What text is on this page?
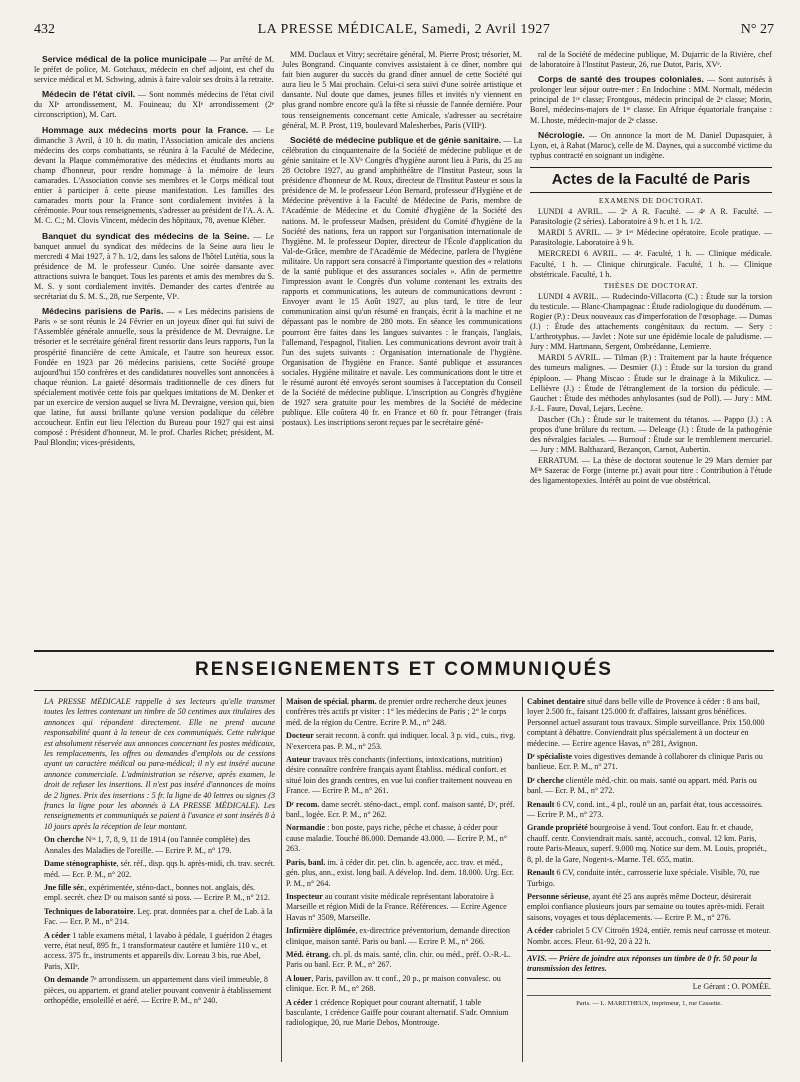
432	LA PRESSE MÉDICALE, Samedi, 2 Avril 1927	N° 27

Service médical de la police municipale — Par arrêté de M. le préfet de police, M. Gotchaux, médecin en chef adjoint, est chef du service médical et M. Schwing, admis à faire valoir ses droits à la retraite.

Médecin de l'état civil. — Sont nommés médecins de l'état civil du XIᵉ arrondissement, M. Fouineau; du XIᵉ arrondissement (2ᵉ circonscription), M. Cart.

Hommage aux médecins morts pour la France. — Le dimanche 3 Avril, à 10 h. du matin, l'Association amicale des anciens médecins des corps combattants, se réunira à la Faculté de Médecine, devant la Plaque commémorative des médecins et étudiants morts au champ d'honneur, pour rendre hommage à la mémoire de leurs camarades. L'Association convie ses membres et le Corps médical tout entier à participer à cette pieuse manifestation. Les familles des camarades morts pour la France sont cordialement invitées à la cérémonie. Pour tous renseignements, s'adresser au président de l'A. A. A. M. C. C.; M. Clovis Vincent, médecin des hôpitaux, 78, avenue Kléber.

Banquet du syndicat des médecins de la Seine. — Le banquet annuel du syndicat des médecins de la Seine aura lieu le mercredi 4 Mai 1927, à 7 h. 1/2, dans les salons de l'hôtel Lutétia, sous la présidence de M. le professeur Cunéo. Une soirée dansante avec attractions suivra le banquet. Tous les parents et amis des membres du S. M. S. y sont cordialement invités. Demander des cartes d'entrée au secrétariat du S. M. S., 28, rue Serpente, VIᵉ.

Médecins parisiens de Paris. — « Les médecins parisiens de Paris » se sont réunis le 24 Février en un joyeux dîner qui fut suivi de l'Assemblée générale annuelle, sous la présidence de M. Devraigne. Le trésorier et le secrétaire général firent ressortir dans leurs rapports, l'un la prospérité financière de cette Amicale, et l'autre son heureux essor. Fondée en 1923 par 26 médecins parisiens, cette Société groupe aujourd'hui 150 confrères et des candidatures nouvelles sont annoncées à chaque réunion. La gaieté désormais traditionnelle de ces dîners fut spécialement motivée cette fois par quelques imitations de M. Denker et par un exercice de version auquel se livra M. Devraigne, version qui, bien que latine, fut aussi brillante qu'une version podalique du célèbre accoucheur. Enfin eut lieu l'élection du Bureau pour 1927 qui est ainsi composé : Président d'honneur, M. le prof. Charles Richet; président, M. Paul Blondin; vices-présidents,

MM. Duclaux et Vitry; secrétaire général, M. Pierre Prost; trésorier, M. Jules Bongrand. Cinquante convives assistaient à ce dîner, nombre qui fait bien augurer du succès du grand dîner annuel de cette Société qui aura lieu le 5 Mai prochain. Celui-ci sera suivi d'une soirée artistique et dansante. Nul doute que dames, jeunes filles et invités n'y viennent en plus grand nombre encore qu'à la fête si réussie de l'année dernière. Pour tous renseignements concernant cette Amicale, s'adresser au secrétaire général, M. P. Prost, 119, boulevard Malesherbes, Paris (VIIIᵉ).

Société de médecine publique et de génie sanitaire. — La célébration du cinquantenaire de la Société de médecine publique et de génie sanitaire et le XVᵉ Congrès d'hygiène auront lieu à Paris, du 25 au 28 Octobre 1927, au grand amphithéâtre de l'Institut Pasteur, sous la présidence d'honneur de M. Roux, directeur de l'Institut Pasteur et sous la présidence de M. le professeur Léon Bernard, professeur d'Hygiène et de Médecine préventive à la Faculté de Médecine de Paris, membre de l'Académie de Médecine et du Comité d'hygiène de la Société des nations. M. le professeur Madsen, président du Comité d'hygiène de la Société des nations, fera un rapport sur l'organisation internationale de l'hygiène. M. le professeur Dopter, directeur de l'École d'application du Val-de-Grâce, membre de l'Académie de Médecine, parlera de l'hygiène militaire. Un rapport sera consacré à l'importante question des « relations de la santé publique et des assurances sociales ». Afin de permettre l'impression avant le Congrès d'un volume contenant les extraits des rapports et communications, les auteurs de communications devront : Envoyer avant le 15 Août 1927, au plus tard, le titre de leur communication ainsi qu'un résumé en français, écrit à la machine et ne dépassant pas le nombre de 280 mots. En séance les communications pourront être faites dans les langues suivantes : le français, l'anglais, l'allemand, l'espagnol, l'italien. Les communications devront avoir trait à l'un des sujets suivants : Organisation internationale de l'hygiène. Organisation de l'hygiène en France. Santé publique et assurances sociales. Hygiène militaire et navale. Les communications dont le titre et le résumé auront été envoyés seront soumises à l'acceptation du Conseil de la Société de médecine publique. L'inscription au Congrès d'hygiène de 1927 sera gratuite pour les membres de la Société de médecine publique. Elle coûtera 40 fr. en France et 60 fr. pour l'étranger (frais postaux). Les inscriptions seront reçues par le secrétaire géné-

ral de la Société de médecine publique, M. Dujarric de la Rivière, chef de laboratoire à l'Institut Pasteur, 26, rue Dutot, Paris, XVᵉ.

Corps de santé des troupes coloniales. — Sont autorisés à prolonger leur séjour outre-mer : En Indochine : MM. Normalt, médecin principal de 1ʳᵉ classe; Frontgous, médecin principal de 2ᵉ classe; Morin, Borel, médecins-majors de 1ʳᵉ classe. En Afrique équatoriale française : M. Lhoste, médecin-major de 2ᵉ classe.

Nécrologie. — On annonce la mort de M. Daniel Dupasquier, à Lyon, et, à Rabat (Maroc), celle de M. Daynes, qui a succombé victime du typhus contracté en soignant un indigène.

Actes de la Faculté de Paris

EXAMENS DE DOCTORAT.

LUNDI 4 AVRIL. — 2ᵉ A R. Faculté. — 4ᵉ A R. Faculté. — Parasitologie (2 séries). Laboratoire à 9 h. et 1 h. 1/2.

MARDI 5 AVRIL. — 3ᵉ 1ᵉʳ Médecine opératoire. Ecole pratique. — Parasitologie. Laboratoire à 9 h.

MERCREDI 6 AVRIL. — 4ᵉ. Faculté, 1 h. — Clinique médicale. Faculté, 1 h. — Clinique chirurgicale. Faculté, 1 h. — Clinique obstétricale. Faculté, 1 h.

THÈSES DE DOCTORAT.

LUNDI 4 AVRIL. — Rudecindo-Villacorta (C.) : Étude sur la torsion du testicule. — Blanc-Champagnac : Étude radiologique du duodénum. — Rogier (P.) : Deux nouveaux cas d'imperforation de l'œsophage. — Dumas (J.) : Étude des attachements congénitaux du rectum. — Sery : L'arthrotyphus. — Javlet : Note sur une épidémie locale de paludisme. — Jury : MM. Hartmann, Sergent, Ombrédanne, Lemierre.

MARDI 5 AVRIL. — Tilman (P.) : Traitement par la haute fréquence des tumeurs malignes. — Desmier (J.) : Étude sur la torsion du grand épiploon. — Phang Miscao : Étude sur le drainage à la Mikulicz. — Lellièvre (J.) : Étude de l'étranglement de la torsion du pédicule. — Gauchet : Étude des méthodes anhylosantes (sud de Poll). — Jury : MM. J.-L. Faure, Duval, Lejars, Lecène.

Dascher (Ch.) : Étude sur le traitement du tétanos. — Pappo (J.) : A propos d'une brûlure du rectum. — Deleage (J.) : Étude de la pathogénie des névralgies faciales. — Burnouf : Étude sur le tremblement mercuriel. — Jury : MM. Balthazard, Bezançon, Carnot, Aubertin.

ERRATUM. — La thèse de doctorat soutenue le 29 Mars dernier par Mˡˡᵉ Sazerac de Forge (interne pr.) avait pour titre : Contribution à l'étude des ligamentopexies. Intérêt au point de vue obstétrical.

RENSEIGNEMENTS ET COMMUNIQUÉS

LA PRESSE MÉDICALE rappelle à ses lecteurs qu'elle transmet toutes les lettres contenant un timbre de 50 centimes aux titulaires des annonces qui répondent directement. Elle ne prend aucune responsabilité quant à la teneur de ces communiqués. Cette rubrique est absolument réservée aux annonces concernant les postes médicaux, les remplacements, les offres ou demandes d'emplois ou de cessions ayant un caractère médical ou para-médical; il n'y est inséré aucune annonce commerciale. L'administration se réserve, après examen, le droit de refuser les insertions. Il n'est pas inséré d'annonces de moins de 2 lignes. Prix des insertions : 5 fr. la ligne de 40 lettres ou signes (3 francs la ligne pour les abonnés à LA PRESSE MÉDICALE). Les renseignements et communiqués se paient à l'avance et sont insérés 8 à 10 jours après la réception de leur montant.

On cherche Nᵒˢ 1, 7, 8, 9, 11 de 1914 (ou l'année complète) des Annales des Maladies de l'oreille. — Ecrire P. M., n° 179.

Dame sténographiste, sér. réf., disp. qqs h. après-midi, ch. trav. secrét. méd. — Ecr. P. M., n° 202.

Jne fille sér., expérimentée, sténo-dact., bonnes not. anglais, dés. empl. secrét. chez Dʳ ou maison santé si poss. — Ecrire P. M., n° 212.

Techniques de laboratoire. Leç. prat. données par a. chef de Lab. à la Fac. — Ecr. P. M., n° 214.

A céder 1 table examens métal, 1 lavabo à pédale, 1 guéridon 2 étages verre, état neuf, 895 fr., 1 transformateur cautère et lumière 110 v., et access. 375 fr., instruments et appareils div. Loreau 3 bis, rue Abel, Paris, XIIᵉ.

On demande 7ᵉ arrondissem. un appartement dans vieil immeuble, 8 pièces, ou appartem. et grand atelier pouvant convenir à établissement orthopédie, ensoleillé et aéré. — Ecrire P. M., n° 240.

Maison de spécial. pharm. de premier ordre recherche deux jeunes confrères très actifs pr visiter : 1° les médecins de Paris ; 2° le corps méd. de la région du Centre. Ecrire P. M., n° 248.

Docteur serait reconn. à confr. qui indiquer. local. 3 p. vid., cuis., rivg. N'exercera pas. P. M., n° 253.

Auteur travaux très conchants (infections, intoxications, nutrition) désire connaître confrère français ayant Établiss. médical confort. et situé loin des grands centres, en vue lui confier traitement nouveau en France. — Ecrire P. M., n° 261.

Dʳ recom. dame secrét. sténo-dact., empl. conf. maison santé, Dʳ, préf. banl., logée. Ecr. P. M., n° 262.

Normandie : bon poste, pays riche, pêche et chasse, à céder pour cause maladie. Touché 86.000. Demande 43.000. — Ecrire P. M., n° 263.

Paris, banl. im. à céder dir. pet. clin. b. agencée, acc. trav. et méd., gén. plus, ann., exist. long bail. A dévelop. Ind. dem. 18.000. Urg. Ecr. P. M., n° 264.

Inspecteur au courant visite médicale représentant laboratoire à Marseille et région Midi de la France. Références. — Ecrire Agence Havas n° 3509, Marseille.

Infirmière diplômée, ex-directrice préventorium, demande direction clinique, maison santé. Paris ou banl. — Ecrire P. M., n° 266.

Méd. étrang. ch. pl. ds mais. santé, clin. chir. ou méd., préf. O.-R.-L. Paris ou banl. Ecr. P. M., n° 267.

A louer, Paris, pavillon av. tt conf., 20 p., pr maison convalesc. ou clinique. Ecr. P. M., n° 268.

A céder 1 crédence Ropiquet pour courant alternatif, 1 table basculante, 1 crédence Gaiffe pour courant alternatif. S'adr. Omnium radiologique, 20, rue Marie Debos, Montrouge.

Cabinet dentaire situé dans belle ville de Provence à céder : 8 ans bail, loyer 2.500 fr., faisant 125.000 fr. d'affaires, laissant gros bénéfices. Personnel actuel assurant tous travaux. Simple surveillance. Prix 150.000 comptant à débattre. Conviendrait plus spécialement à un docteur en médecine. — Ecrire agence Havas, n° 281, Avignon.

Dʳ spécialiste voies digestives demande à collaborer ds clinique Paris ou banlieue. Ecr. P. M., n° 271.

Dʳ cherche clientèle méd.-chir. ou mais. santé ou appart. méd. Paris ou banl. — Ecr. P. M., n° 272.

Renault 6 CV, cond. int., 4 pl., roulé un an, parfait état, tous accessoires. — Ecrire P. M., n° 273.

Grande propriété bourgeoise à vend. Tout confort. Eau fr. et chaude, chauff. centr. Conviendrait mais. santé, accouch., conval. 12 km. Paris, route Paris-Meaux, superf. 9.000 mq. Notice sur dem. M. Louis, propriét., 8, pl. de la Gare, Nogent-s.-Marne. Tél. 655, matin.

Renault 6 CV, conduite intér., carrosserie luxe spéciale. Visible, 70, rue Turbigo.

Personne sérieuse, ayant été 25 ans auprès même Docteur, désirerait emploi confiance plusieurs jours par semaine ou toutes après-midi. Ferait saisons, voyages et tous déplacements. — Ecrire P. M., n° 276.

A céder cabriolet 5 CV Citroën 1924, entièr. remis neuf carrosse et moteur. Nombr. acces. Fleur. 61-92, 20 à 22 h.

AVIS. — Prière de joindre aux réponses un timbre de 0 fr. 50 pour la transmission des lettres.

Le Gérant : O. POMÉE.

Paris. — L. MARETHEUX, imprimeur, 1, rue Cassette.
